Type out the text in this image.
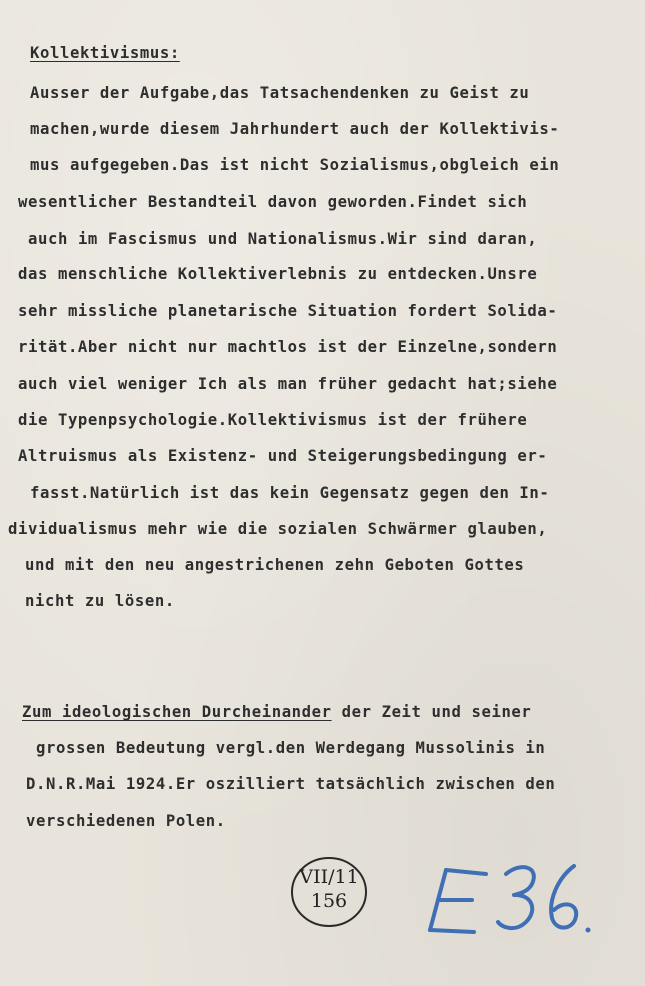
Kollektivismus:
Ausser der Aufgabe,das Tatsachendenken zu Geist zu
machen,wurde diesem Jahrhundert auch der Kollektivis-
mus aufgegeben.Das ist nicht Sozialismus,obgleich ein
wesentlicher Bestandteil davon geworden.Findet sich
auch im Fascismus und Nationalismus.Wir sind daran,
das menschliche Kollektiverlebnis zu entdecken.Unsre
sehr missliche planetarische Situation fordert Solida-
rität.Aber nicht nur machtlos ist der Einzelne,sondern
auch viel weniger Ich als man früher gedacht hat;siehe
die Typenpsychologie.Kollektivismus ist der frühere
Altruismus als Existenz- und Steigerungsbedingung er-
fasst.Natürlich ist das kein Gegensatz gegen den In-
dividualismus mehr wie die sozialen Schwärmer glauben,
und mit den neu angestrichenen zehn Geboten Gottes
nicht zu lösen.
Zum ideologischen Durcheinander der Zeit und seiner
grossen Bedeutung vergl.den Werdegang Mussolinis in
D.N.R.Mai 1924.Er oszilliert tatsächlich zwischen den
verschiedenen Polen.
VII/11
156
